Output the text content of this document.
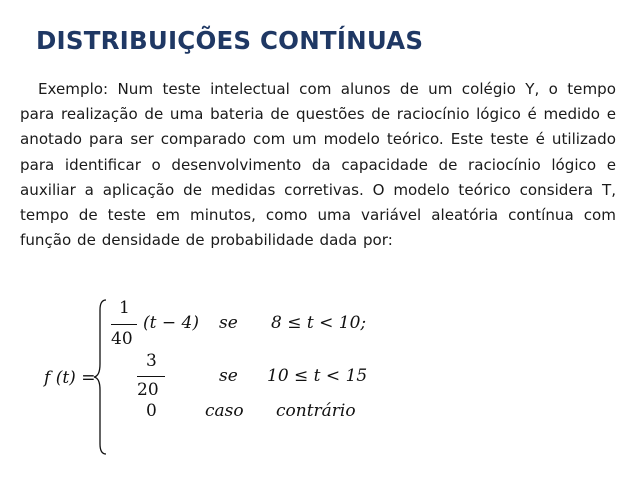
DISTRIBUIÇÕES CONTÍNUAS
Exemplo: Num teste intelectual com alunos de um colégio Y, o tempo para realização de uma bateria de questões de raciocínio lógico é medido e anotado para ser comparado com um modelo teórico. Este teste é utilizado para identificar o desenvolvimento da capacidade de raciocínio lógico e auxiliar a aplicação de medidas corretivas. O modelo teórico considera T, tempo de teste em minutos, como uma variável aleatória contínua com função de densidade de probabilidade dada por:
f (t) =
1
40
(t − 4) se 8 ≤ t < 10;
3
20
se 10 ≤ t < 15
0	caso contrário
